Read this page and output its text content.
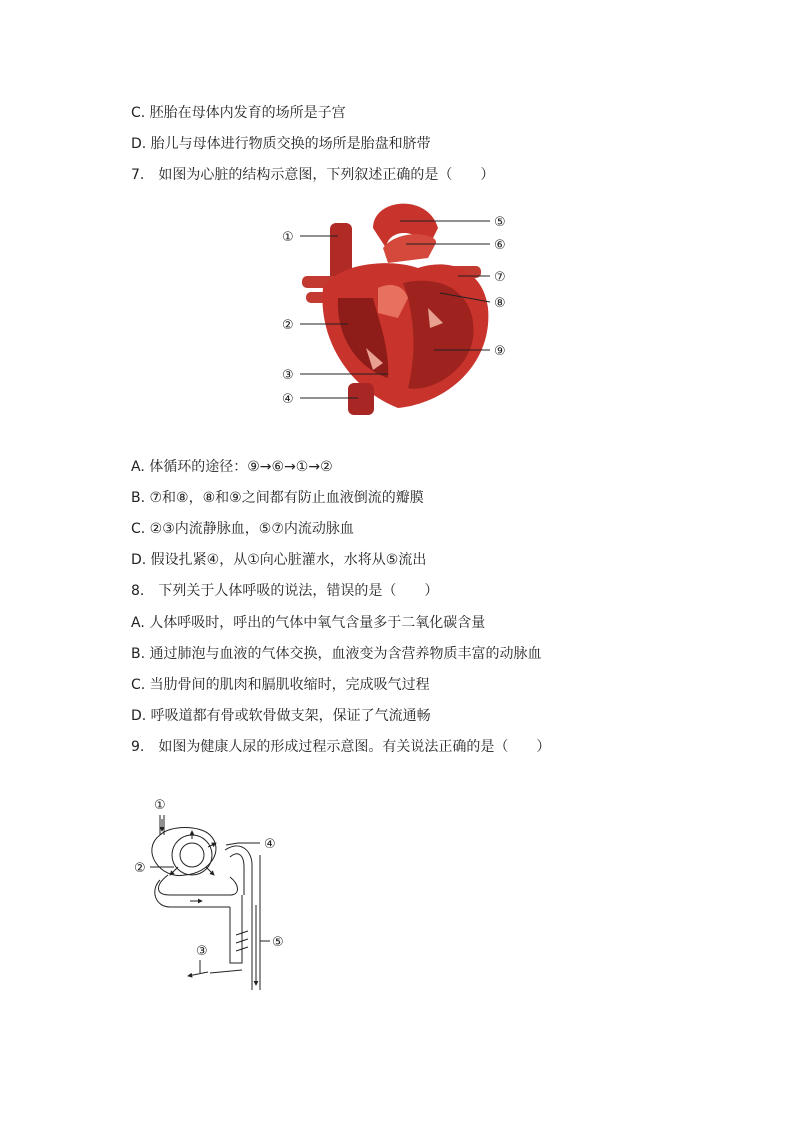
C. 胚胎在母体内发育的场所是子宫
D. 胎儿与母体进行物质交换的场所是胎盘和脐带
7.　如图为心脏的结构示意图，下列叙述正确的是（　　）
①
②
③
④
⑤
⑥
⑦
⑧
⑨
A. 体循环的途径：⑨→⑥→①→②
B. ⑦和⑧，⑧和⑨之间都有防止血液倒流的瓣膜
C. ②③内流静脉血，⑤⑦内流动脉血
D. 假设扎紧④，从①向心脏灌水，水将从⑤流出
8.　下列关于人体呼吸的说法，错误的是（　　）
A. 人体呼吸时，呼出的气体中氧气含量多于二氧化碳含量
B. 通过肺泡与血液的气体交换，血液变为含营养物质丰富的动脉血
C. 当肋骨间的肌肉和膈肌收缩时，完成吸气过程
D. 呼吸道都有骨或软骨做支架，保证了气流通畅
9.　如图为健康人尿的形成过程示意图。有关说法正确的是（　　）
①
②
③
④
⑤
